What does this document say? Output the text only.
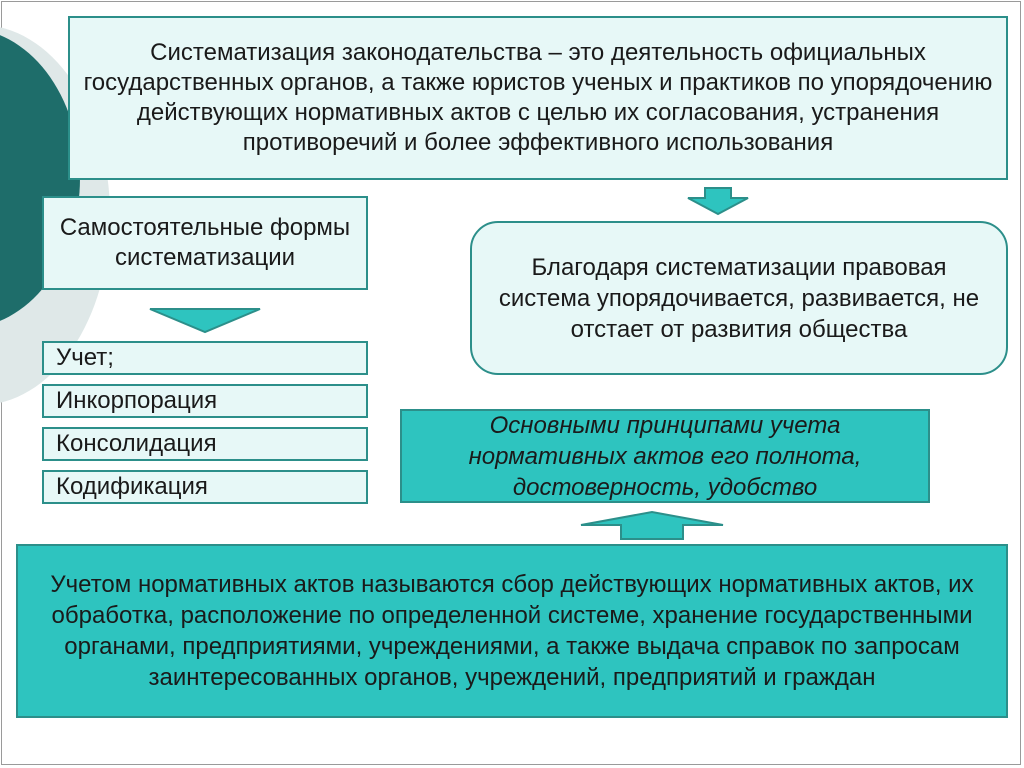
Систематизация законодательства – это деятельность официальных государственных органов, а также юристов ученых и практиков по упорядочению действующих нормативных актов с целью их согласования, устранения противоречий и более эффективного использования
Самостоятельные формы систематизации
Учет;
Инкорпорация
Консолидация
Кодификация
Благодаря систематизации правовая система упорядочивается, развивается, не отстает от развития общества
Основными принципами учета нормативных актов его полнота, достоверность, удобство
Учетом нормативных актов называются сбор действующих нормативных актов, их обработка, расположение по определенной системе, хранение государственными органами, предприятиями, учреждениями, а также выдача справок по запросам заинтересованных органов, учреждений, предприятий и граждан
